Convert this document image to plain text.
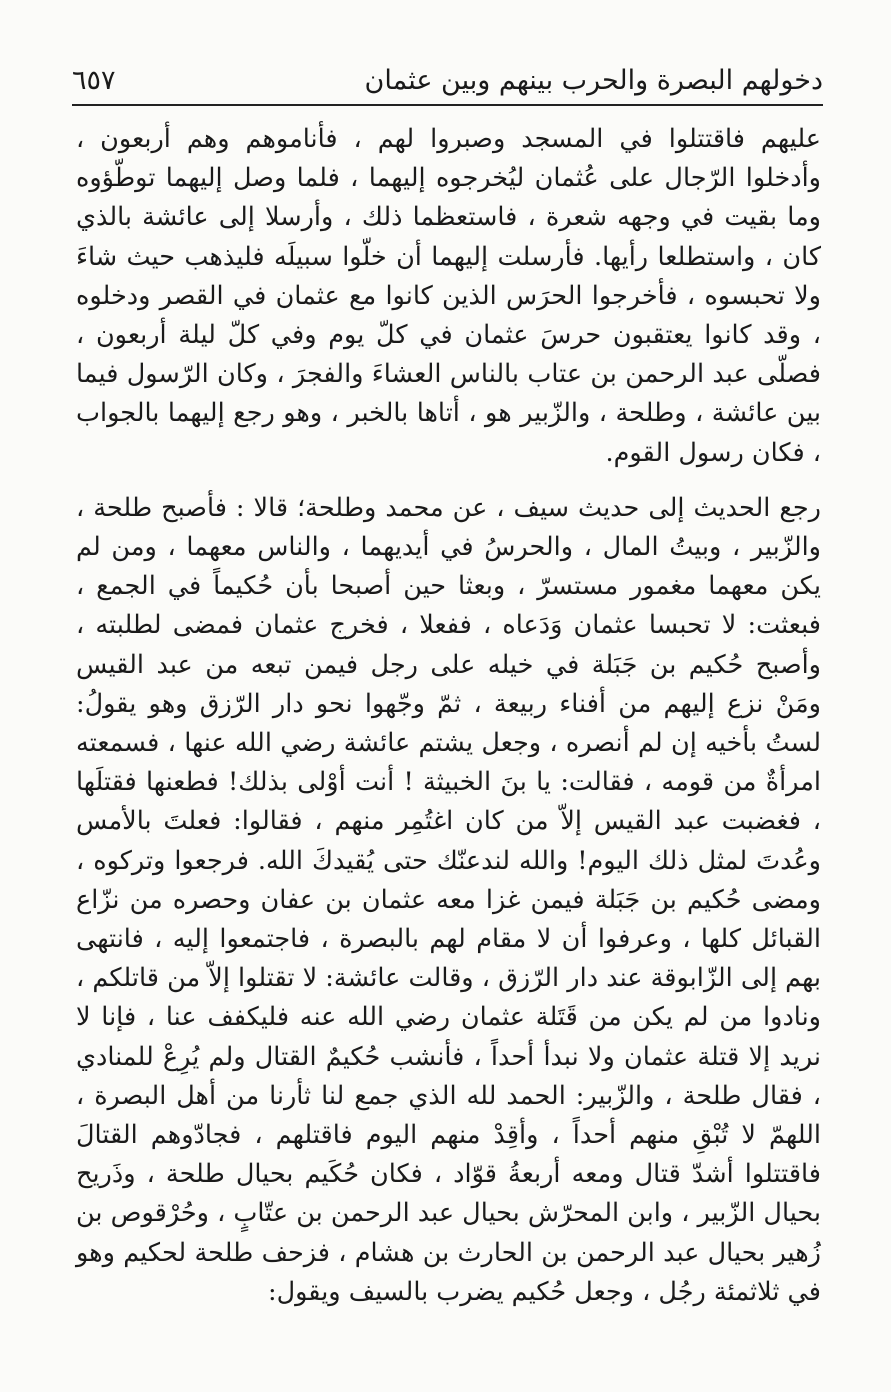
دخولهم البصرة والحرب بينهم وبين عثمان
٦٥٧

عليهم فاقتتلوا في المسجد وصبروا لهم ، فأناموهم وهم أربعون ، وأدخلوا الرّجال على عُثمان ليُخرجوه إليهما ، فلما وصل إليهما توطّؤوه وما بقيت في وجهه شعرة ، فاستعظما ذلك ، وأرسلا إلى عائشة بالذي كان ، واستطلعا رأيها. فأرسلت إليهما أن خلّوا سبيلَه فليذهب حيث شاءَ ولا تحبسوه ، فأخرجوا الحرَس الذين كانوا مع عثمان في القصر ودخلوه ، وقد كانوا يعتقبون حرسَ عثمان في كلّ يوم وفي كلّ ليلة أربعون ، فصلّى عبد الرحمن بن عتاب بالناس العشاءَ والفجرَ ، وكان الرّسول فيما بين عائشة ، وطلحة ، والزّبير هو ، أتاها بالخبر ، وهو رجع إليهما بالجواب ، فكان رسول القوم.

رجع الحديث إلى حديث سيف ، عن محمد وطلحة؛ قالا : فأصبح طلحة ، والزّبير ، وبيتُ المال ، والحرسُ في أيديهما ، والناس معهما ، ومن لم يكن معهما مغمور مستسرّ ، وبعثا حين أصبحا بأن حُكيماً في الجمع ، فبعثت: لا تحبسا عثمان وَدَعاه ، ففعلا ، فخرج عثمان فمضى لطلبته ، وأصبح حُكيم بن جَبَلة في خيله على رجل فيمن تبعه من عبد القيس ومَنْ نزع إليهم من أفناء ربيعة ، ثمّ وجّهوا نحو دار الرّزق وهو يقولُ: لستُ بأخيه إن لم أنصره ، وجعل يشتم عائشة رضي الله عنها ، فسمعته امرأةٌ من قومه ، فقالت: يا بنَ الخبيثة ! أنت أوْلى بذلك! فطعنها فقتلَها ، فغضبت عبد القيس إلاّ من كان اغتُمِر منهم ، فقالوا: فعلتَ بالأمس وعُدتَ لمثل ذلك اليوم! والله لندعنّك حتى يُقيدكَ الله. فرجعوا وتركوه ، ومضى حُكيم بن جَبَلة فيمن غزا معه عثمان بن عفان وحصره من نزّاع القبائل كلها ، وعرفوا أن لا مقام لهم بالبصرة ، فاجتمعوا إليه ، فانتهى بهم إلى الزّابوقة عند دار الرّزق ، وقالت عائشة: لا تقتلوا إلاّ من قاتلكم ، ونادوا من لم يكن من قَتَلة عثمان رضي الله عنه فليكفف عنا ، فإنا لا نريد إلا قتلة عثمان ولا نبدأ أحداً ، فأنشب حُكيمٌ القتال ولم يُرِعْ للمنادي ، فقال طلحة ، والزّبير: الحمد لله الذي جمع لنا ثأرنا من أهل البصرة ، اللهمّ لا تُبْقِ منهم أحداً ، وأقِدْ منهم اليوم فاقتلهم ، فجادّوهم القتالَ فاقتتلوا أشدّ قتال ومعه أربعةُ قوّاد ، فكان حُكَيم بحيال طلحة ، وذَريح بحيال الزّبير ، وابن المحرّش بحيال عبد الرحمن بن عتّابٍ ، وحُرْقوص بن زُهير بحيال عبد الرحمن بن الحارث بن هشام ، فزحف طلحة لحكيم وهو في ثلاثمئة رجُل ، وجعل حُكيم يضرب بالسيف ويقول:
